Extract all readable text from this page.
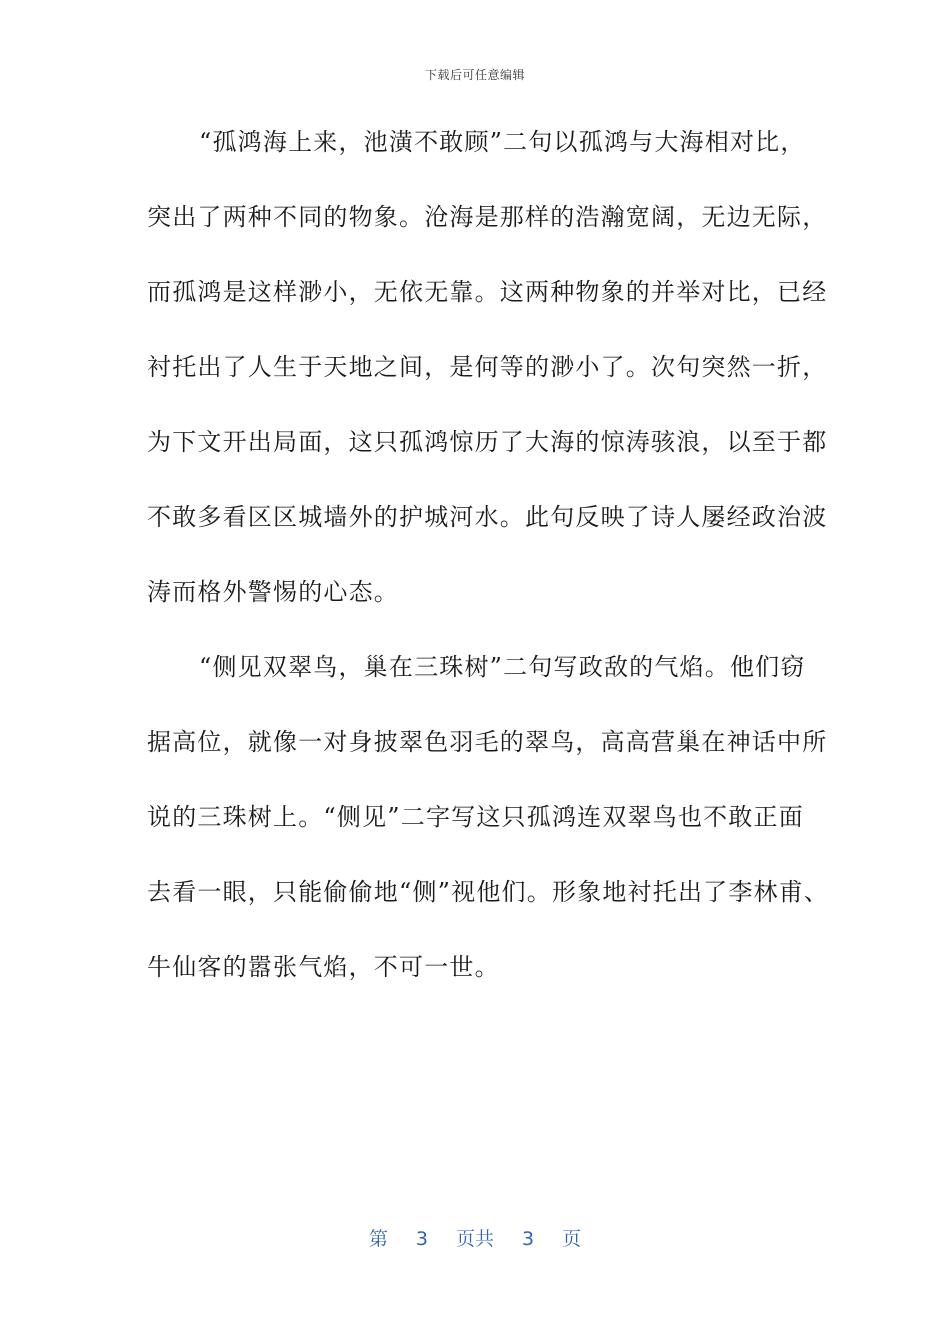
下载后可任意编辑
“孤鸿海上来，池潢不敢顾”二句以孤鸿与大海相对比，
突出了两种不同的物象。沧海是那样的浩瀚宽阔，无边无际，
而孤鸿是这样渺小，无依无靠。这两种物象的并举对比，已经
衬托出了人生于天地之间，是何等的渺小了。次句突然一折，
为下文开出局面，这只孤鸿惊历了大海的惊涛骇浪，以至于都
不敢多看区区城墙外的护城河水。此句反映了诗人屡经政治波
涛而格外警惕的心态。
“侧见双翠鸟，巢在三珠树”二句写政敌的气焰。他们窃
据高位，就像一对身披翠色羽毛的翠鸟，高高营巢在神话中所
说的三珠树上。“侧见”二字写这只孤鸿连双翠鸟也不敢正面
去看一眼，只能偷偷地“侧”视他们。形象地衬托出了李林甫、
牛仙客的嚣张气焰，不可一世。
第 3 页共 3 页
